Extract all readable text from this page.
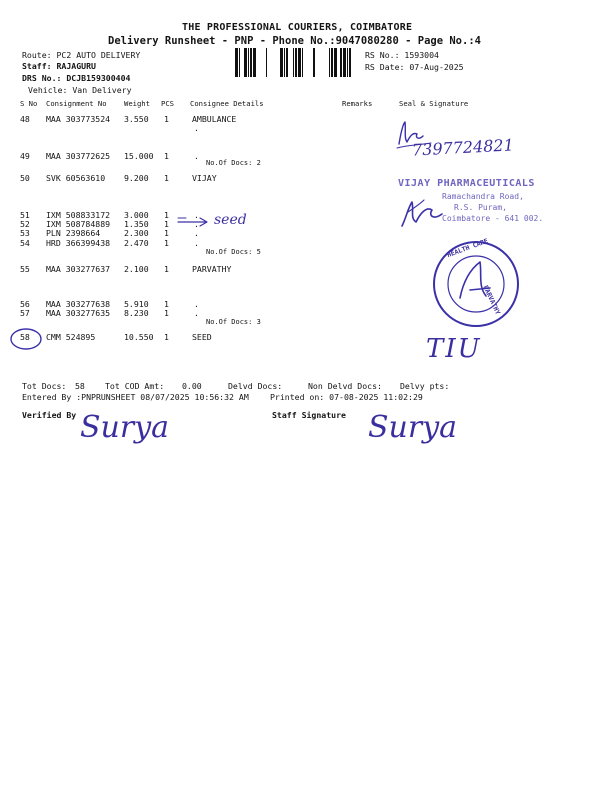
THE PROFESSIONAL COURIERS, COIMBATORE
Delivery Runsheet - PNP - Phone No.:9047080280 - Page No.:4
Route: PC2 AUTO DELIVERY
Staff: RAJAGURU
DRS No.: DCJB159300404
Vehicle: Van Delivery
RS No.: 1593004
RS Date: 07-Aug-2025
S No Consignment No Weight PCS Consignee Details	Remarks	Seal & Signature
48 MAA 303773524 3.550 1	AMBULANCE
.
49 MAA 303772625 15.000 1	.
No.Of Docs: 2
50 SVK 60563610 9.200 1	VIJAY
51 IXM 508833172 3.000 1	.
52 IXM 508784889 1.350 1	.
53 PLN 2398664	2.300 1	.
54 HRD 366399438 2.470 1	.
No.Of Docs: 5
55 MAA 303277637 2.100 1	PARVATHY
56 MAA 303277638 5.910 1	.
57 MAA 303277635 8.230 1	.
No.Of Docs: 3
58 CMM 524895	10.550 1	SEED
7397724821
VIJAY PHARMACEUTICALS
Ramachandra Road,
R.S. Puram,
Coimbatore - 641 002.
seed
HEALTH CARE
PARVATHY
TIU
Tot Docs: 58 Tot COD Amt: 0.00	Delvd Docs:	Non Delvd Docs: Delvy pts:
Entered By :PNPRUNSHEET 08/07/2025 10:56:32 AM	Printed on: 07-08-2025 11:02:29
Verified By Surya	Staff Signature Surya
